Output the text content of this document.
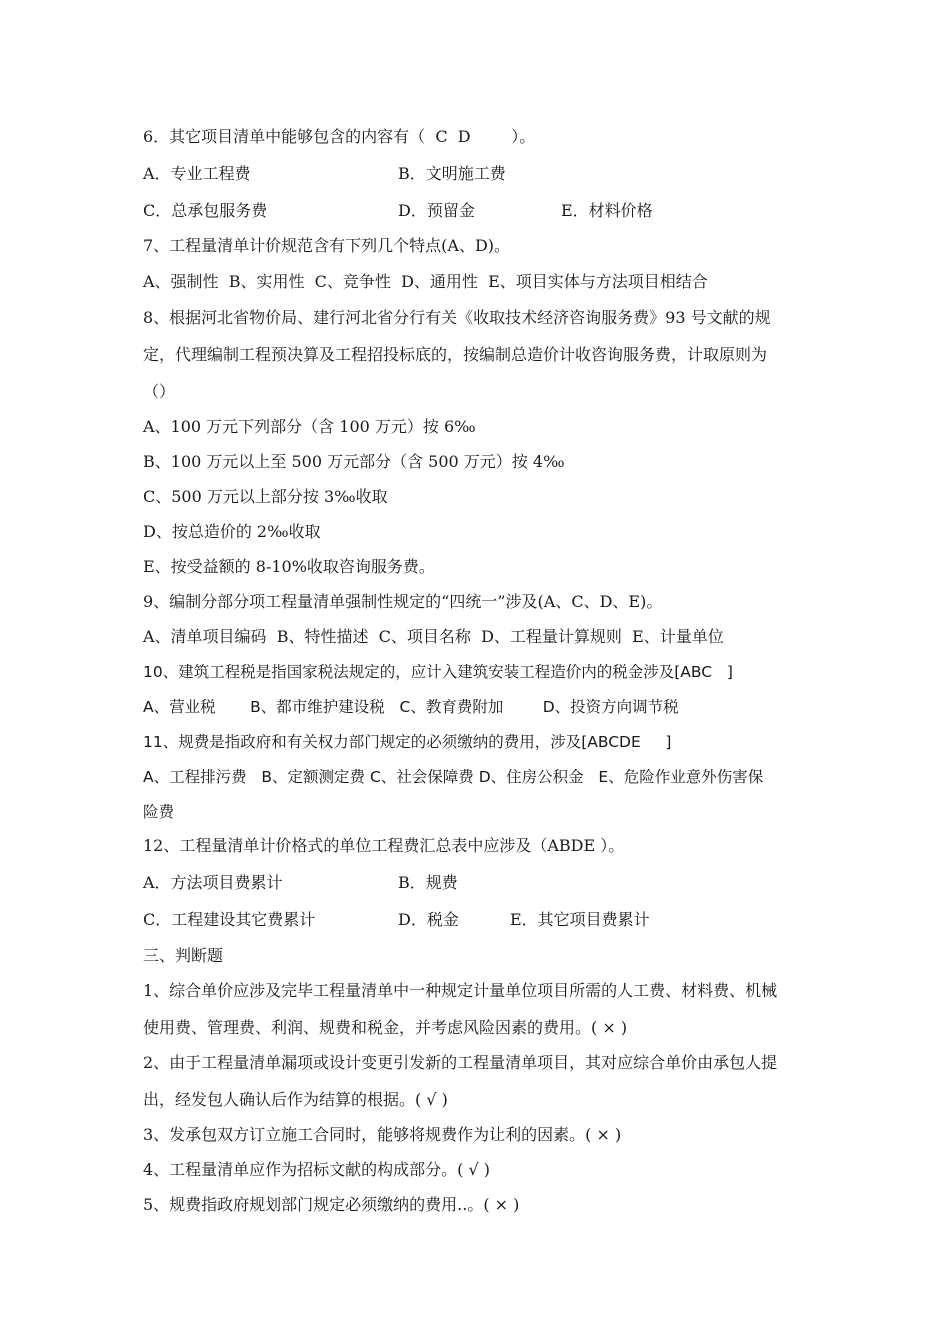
6．其它项目清单中能够包含的内容有（  C  D        ）。
A．专业工程费	B．文明施工费
C．总承包服务费	D．预留金	E．材料价格
7、工程量清单计价规范含有下列几个特点(A、D)。
A、强制性  B、实用性  C、竞争性  D、通用性  E、项目实体与方法项目相结合
8、根据河北省物价局、建行河北省分行有关《收取技术经济咨询服务费》93 号文献的规
定，代理编制工程预决算及工程招投标底的，按编制总造价计收咨询服务费，计取原则为
（）
A、100 万元下列部分（含 100 万元）按 6‰
B、100 万元以上至 500 万元部分（含 500 万元）按 4‰
C、500 万元以上部分按 3‰收取
D、按总造价的 2‰收取
E、按受益额的 8-10%收取咨询服务费。
9、编制分部分项工程量清单强制性规定的“四统一”涉及(A、C、D、E)。
A、清单项目编码  B、特性描述  C、项目名称  D、工程量计算规则  E、计量单位
10、建筑工程税是指国家税法规定的，应计入建筑安装工程造价内的税金涉及[ABC   ]
A、营业税       B、都市维护建设税   C、教育费附加        D、投资方向调节税
11、规费是指政府和有关权力部门规定的必须缴纳的费用，涉及[ABCDE     ]
A、工程排污费   B、定额测定费 C、社会保障费 D、住房公积金   E、危险作业意外伤害保
险费
12、工程量清单计价格式的单位工程费汇总表中应涉及（ABDE ）。
A．方法项目费累计	B．规费
C．工程建设其它费累计	D．税金	E．其它项目费累计
三、判断题
1、综合单价应涉及完毕工程量清单中一种规定计量单位项目所需的人工费、材料费、机械
使用费、管理费、利润、规费和税金，并考虑风险因素的费用。( × )
2、由于工程量清单漏项或设计变更引发新的工程量清单项目，其对应综合单价由承包人提
出，经发包人确认后作为结算的根据。( √ )
3、发承包双方订立施工合同时，能够将规费作为让利的因素。( × )
4、工程量清单应作为招标文献的构成部分。( √ )
5、规费指政府规划部门规定必须缴纳的费用..。( × )
